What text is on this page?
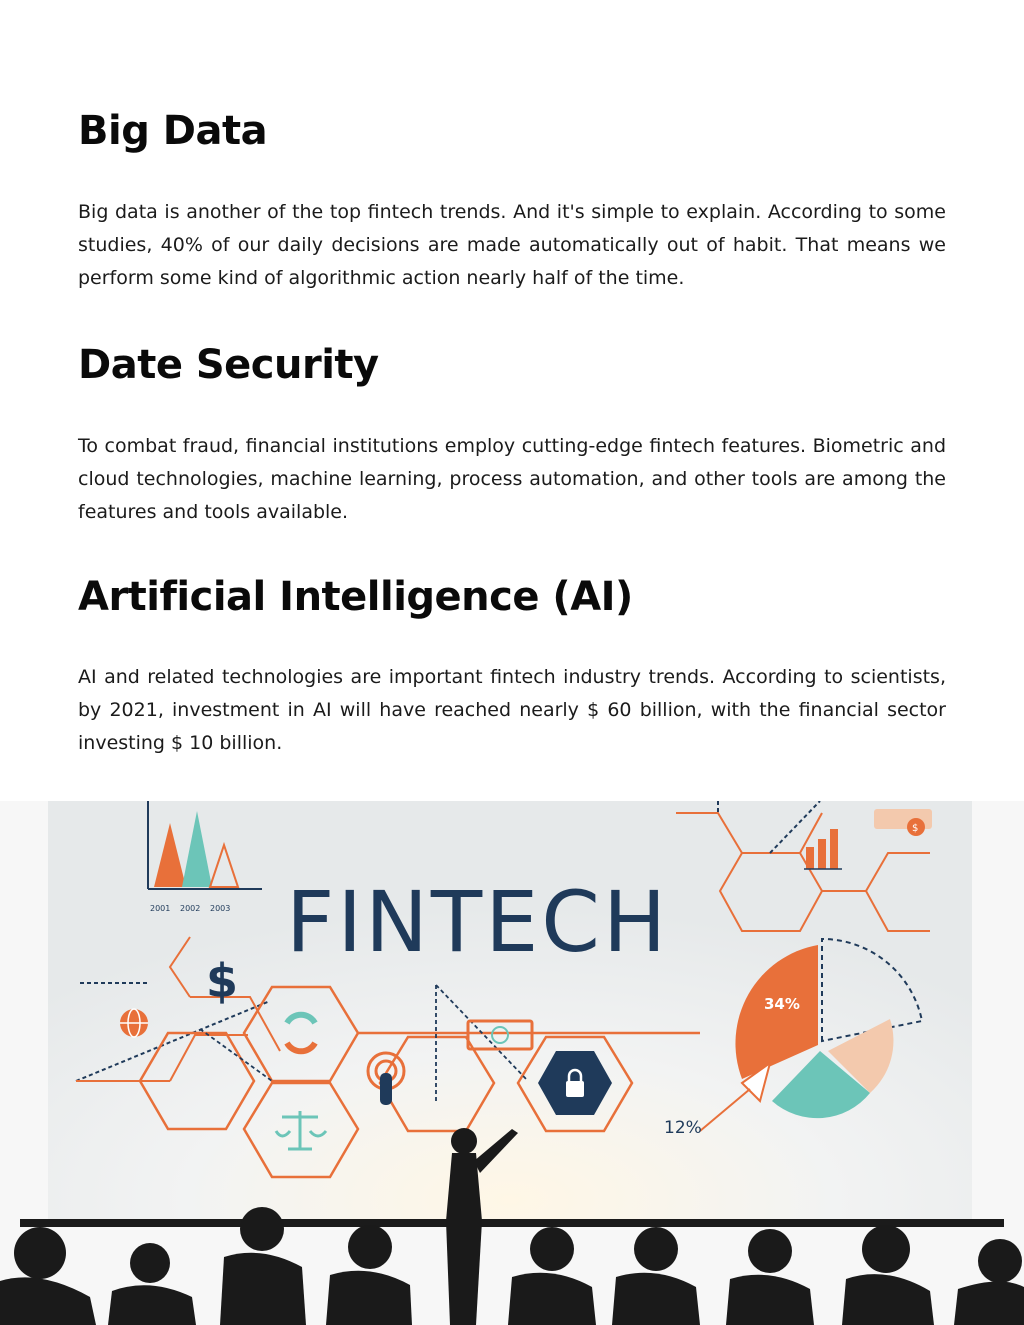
Big Data

Big data is another of the top fintech trends. And it's simple to explain. According to some studies, 40% of our daily decisions are made automatically out of habit. That means we perform some kind of algorithmic action nearly half of the time.

Date Security

To combat fraud, financial institutions employ cutting-edge fintech features. Biometric and cloud technologies, machine learning, process automation, and other tools are among the features and tools available.

Artificial Intelligence (AI)

AI and related technologies are important fintech industry trends. According to scientists, by 2021, investment in AI will have reached nearly $ 60 billion, with the financial sector investing $ 10 billion.

2001 2002 2003 FINTECH
$
$	34%
12%
